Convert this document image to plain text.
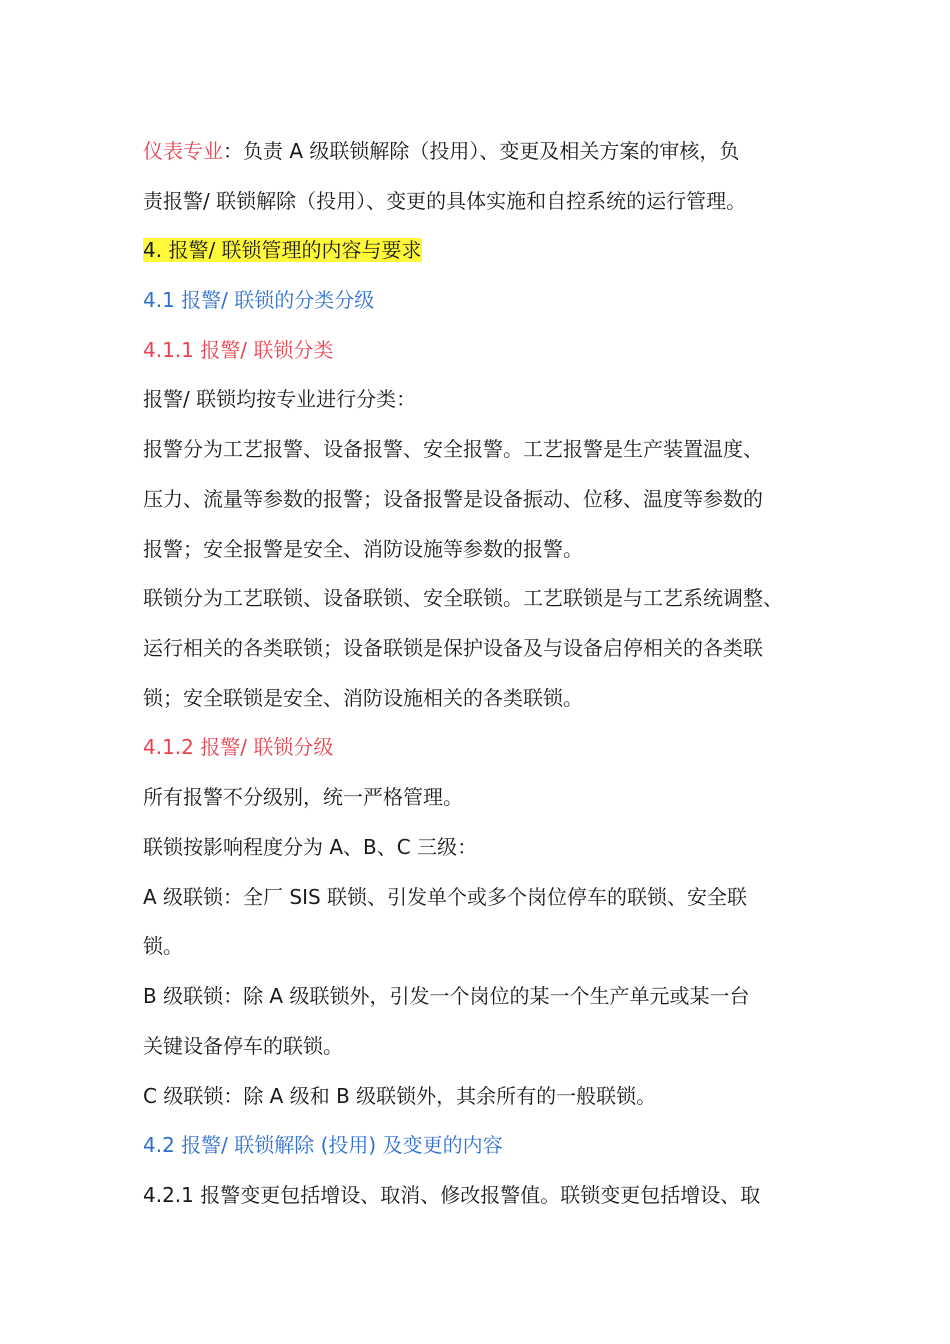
仪表专业：负责 A 级联锁解除（投用）、变更及相关方案的审核，负
责报警/ 联锁解除（投用）、变更的具体实施和自控系统的运行管理。
4. 报警/ 联锁管理的内容与要求
4.1 报警/ 联锁的分类分级
4.1.1 报警/ 联锁分类
报警/ 联锁均按专业进行分类：
报警分为工艺报警、设备报警、安全报警。工艺报警是生产装置温度、
压力、流量等参数的报警；设备报警是设备振动、位移、温度等参数的
报警；安全报警是安全、消防设施等参数的报警。
联锁分为工艺联锁、设备联锁、安全联锁。工艺联锁是与工艺系统调整、
运行相关的各类联锁；设备联锁是保护设备及与设备启停相关的各类联
锁；安全联锁是安全、消防设施相关的各类联锁。
4.1.2 报警/ 联锁分级
所有报警不分级别，统一严格管理。
联锁按影响程度分为 A、B、C 三级：
A 级联锁：全厂 SIS 联锁、引发单个或多个岗位停车的联锁、安全联
锁。
B 级联锁：除 A 级联锁外，引发一个岗位的某一个生产单元或某一台
关键设备停车的联锁。
C 级联锁：除 A 级和 B 级联锁外，其余所有的一般联锁。
4.2 报警/ 联锁解除 (投用) 及变更的内容
4.2.1 报警变更包括增设、取消、修改报警值。联锁变更包括增设、取
